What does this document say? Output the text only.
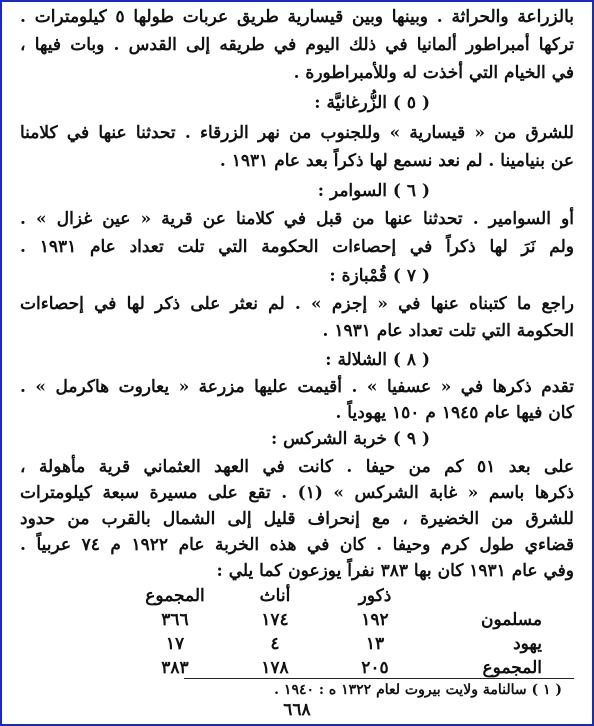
بالزراعة والحراثة . وبينها وبين قيسارية طريق عربات طولها ٥ كيلومترات .
تركها أمبراطور ألمانيا في ذلك اليوم في طريقه إلى القدس . وبات فيها ،
في الخيام التي أخذت له وللأمبراطورة .
( ٥ ) الزُّرغانيَّة :
للشرق من « قيسارية » وللجنوب من نهر الزرقاء . تحدثنا عنها في كلامنا
عن بنيامينا . لم نعد نسمع لها ذكراً بعد عام ١٩٣١ .
( ٦ ) السوامر :
أو السوامير . تحدثنا عنها من قبل في كلامنا عن قرية « عين غزال » .
ولم نَرَ لها ذكراً في إحصاءات الحكومة التي تلت تعداد عام ١٩٣١ .
( ٧ ) قُمْبازة :
راجع ما كتبناه عنها في « إجزم » . لم نعثر على ذكر لها في إحصاءات
الحكومة التي تلت تعداد عام ١٩٣١ .
( ٨ ) الشلالة :
تقدم ذكرها في « عسفيا » . أقيمت عليها مزرعة « يعاروت هاكرمل » .
كان فيها عام ١٩٤٥ م ١٥٠ يهودياً .
( ٩ ) خربة الشركس :
على بعد ٥١ كم من حيفا . كانت في العهد العثماني قرية مأهولة ،
ذكرها باسم « غابة الشركس » (١) . تقع على مسيرة سبعة كيلومترات
للشرق من الخضيرة ، مع إنحراف قليل إلى الشمال بالقرب من حدود
قضاءي طول كرم وحيفا . كان في هذه الخربة عام ١٩٢٢ م ٧٤ عربياً .
وفي عام ١٩٣١ كان بها ٣٨٣ نفراً يوزعون كما يلي :
ذكور
أناث
المجموع
مسلمون
١٩٢
١٧٤
٣٦٦
يهود
١٣
٤
١٧
المجموع
٢٠٥
١٧٨
٣٨٣
( ١ ) سالنامة ولايت بيروت لعام ١٣٢٢ ه : ١٩٤٠ .
٦٦٨
